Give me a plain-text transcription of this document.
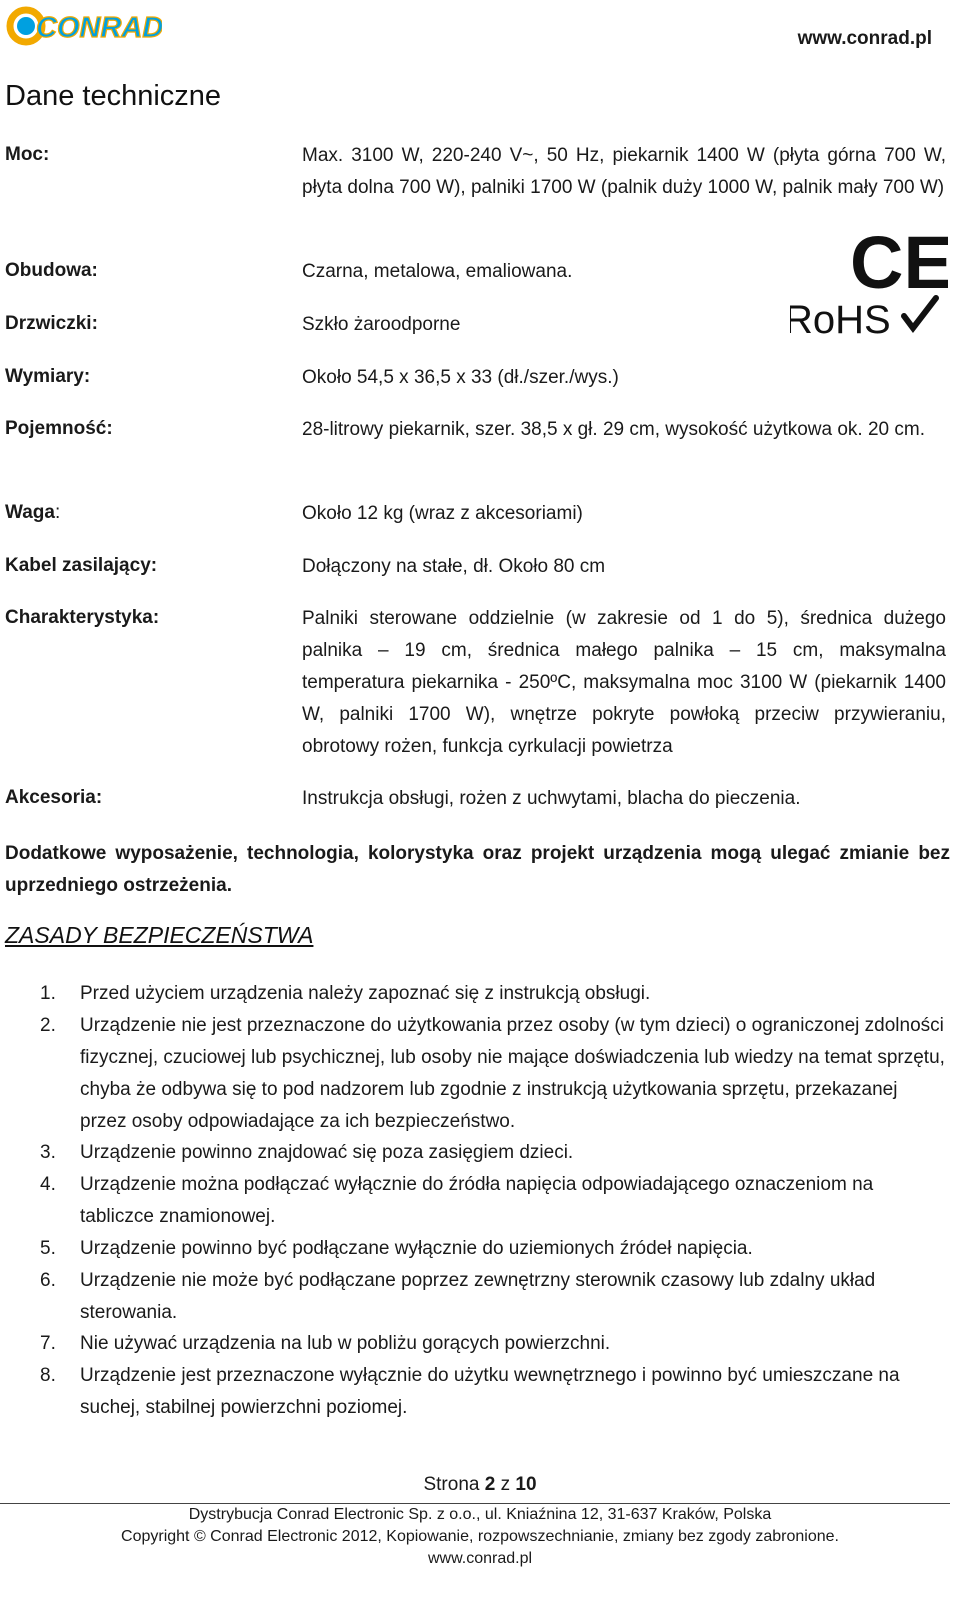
CONRAD	www.conrad.pl
Dane techniczne
Moc:	Max. 3100 W, 220-240 V~, 50 Hz, piekarnik 1400 W (płyta górna 700 W, płyta dolna 700 W), palniki 1700 W (palnik duży 1000 W, palnik mały 700 W)
Obudowa:	Czarna, metalowa, emaliowana.
Drzwiczki:	Szkło żaroodporne
Wymiary:	Około 54,5 x 36,5 x 33 (dł./szer./wys.)
Pojemność:	28-litrowy piekarnik, szer. 38,5 x gł. 29 cm, wysokość użytkowa ok. 20 cm.
Waga:	Około 12 kg (wraz z akcesoriami)
Kabel zasilający:	Dołączony na stałe, dł. Około 80 cm
Charakterystyka:	Palniki sterowane oddzielnie (w zakresie od 1 do 5), średnica dużego palnika – 19 cm, średnica małego palnika – 15 cm, maksymalna temperatura piekarnika - 250ºC, maksymalna moc 3100 W (piekarnik 1400 W, palniki 1700 W), wnętrze pokryte powłoką przeciw przywieraniu, obrotowy rożen, funkcja cyrkulacji powietrza
Akcesoria:	Instrukcja obsługi, rożen z uchwytami, blacha do pieczenia.
CE
RoHS
Dodatkowe wyposażenie, technologia, kolorystyka oraz projekt urządzenia mogą ulegać zmianie bez uprzedniego ostrzeżenia.
ZASADY BEZPIECZEŃSTWA
1.	Przed użyciem urządzenia należy zapoznać się z instrukcją obsługi.
2.	Urządzenie nie jest przeznaczone do użytkowania przez osoby (w tym dzieci) o ograniczonej zdolności fizycznej, czuciowej lub psychicznej, lub osoby nie mające doświadczenia lub wiedzy na temat sprzętu, chyba że odbywa się to pod nadzorem lub zgodnie z instrukcją użytkowania sprzętu, przekazanej przez osoby odpowiadające za ich bezpieczeństwo.
3.	Urządzenie powinno znajdować się poza zasięgiem dzieci.
4.	Urządzenie można podłączać wyłącznie do źródła napięcia odpowiadającego oznaczeniom na tabliczce znamionowej.
5.	Urządzenie powinno być podłączane wyłącznie do uziemionych źródeł napięcia.
6.	Urządzenie nie może być podłączane poprzez zewnętrzny sterownik czasowy lub zdalny układ sterowania.
7.	Nie używać urządzenia na lub w pobliżu gorących powierzchni.
8.	Urządzenie jest przeznaczone wyłącznie do użytku wewnętrznego i powinno być umieszczane na suchej, stabilnej powierzchni poziomej.
Strona 2 z 10
Dystrybucja Conrad Electronic Sp. z o.o., ul. Kniaźnina 12, 31-637 Kraków, Polska
Copyright © Conrad Electronic 2012, Kopiowanie, rozpowszechnianie, zmiany bez zgody zabronione.
www.conrad.pl
